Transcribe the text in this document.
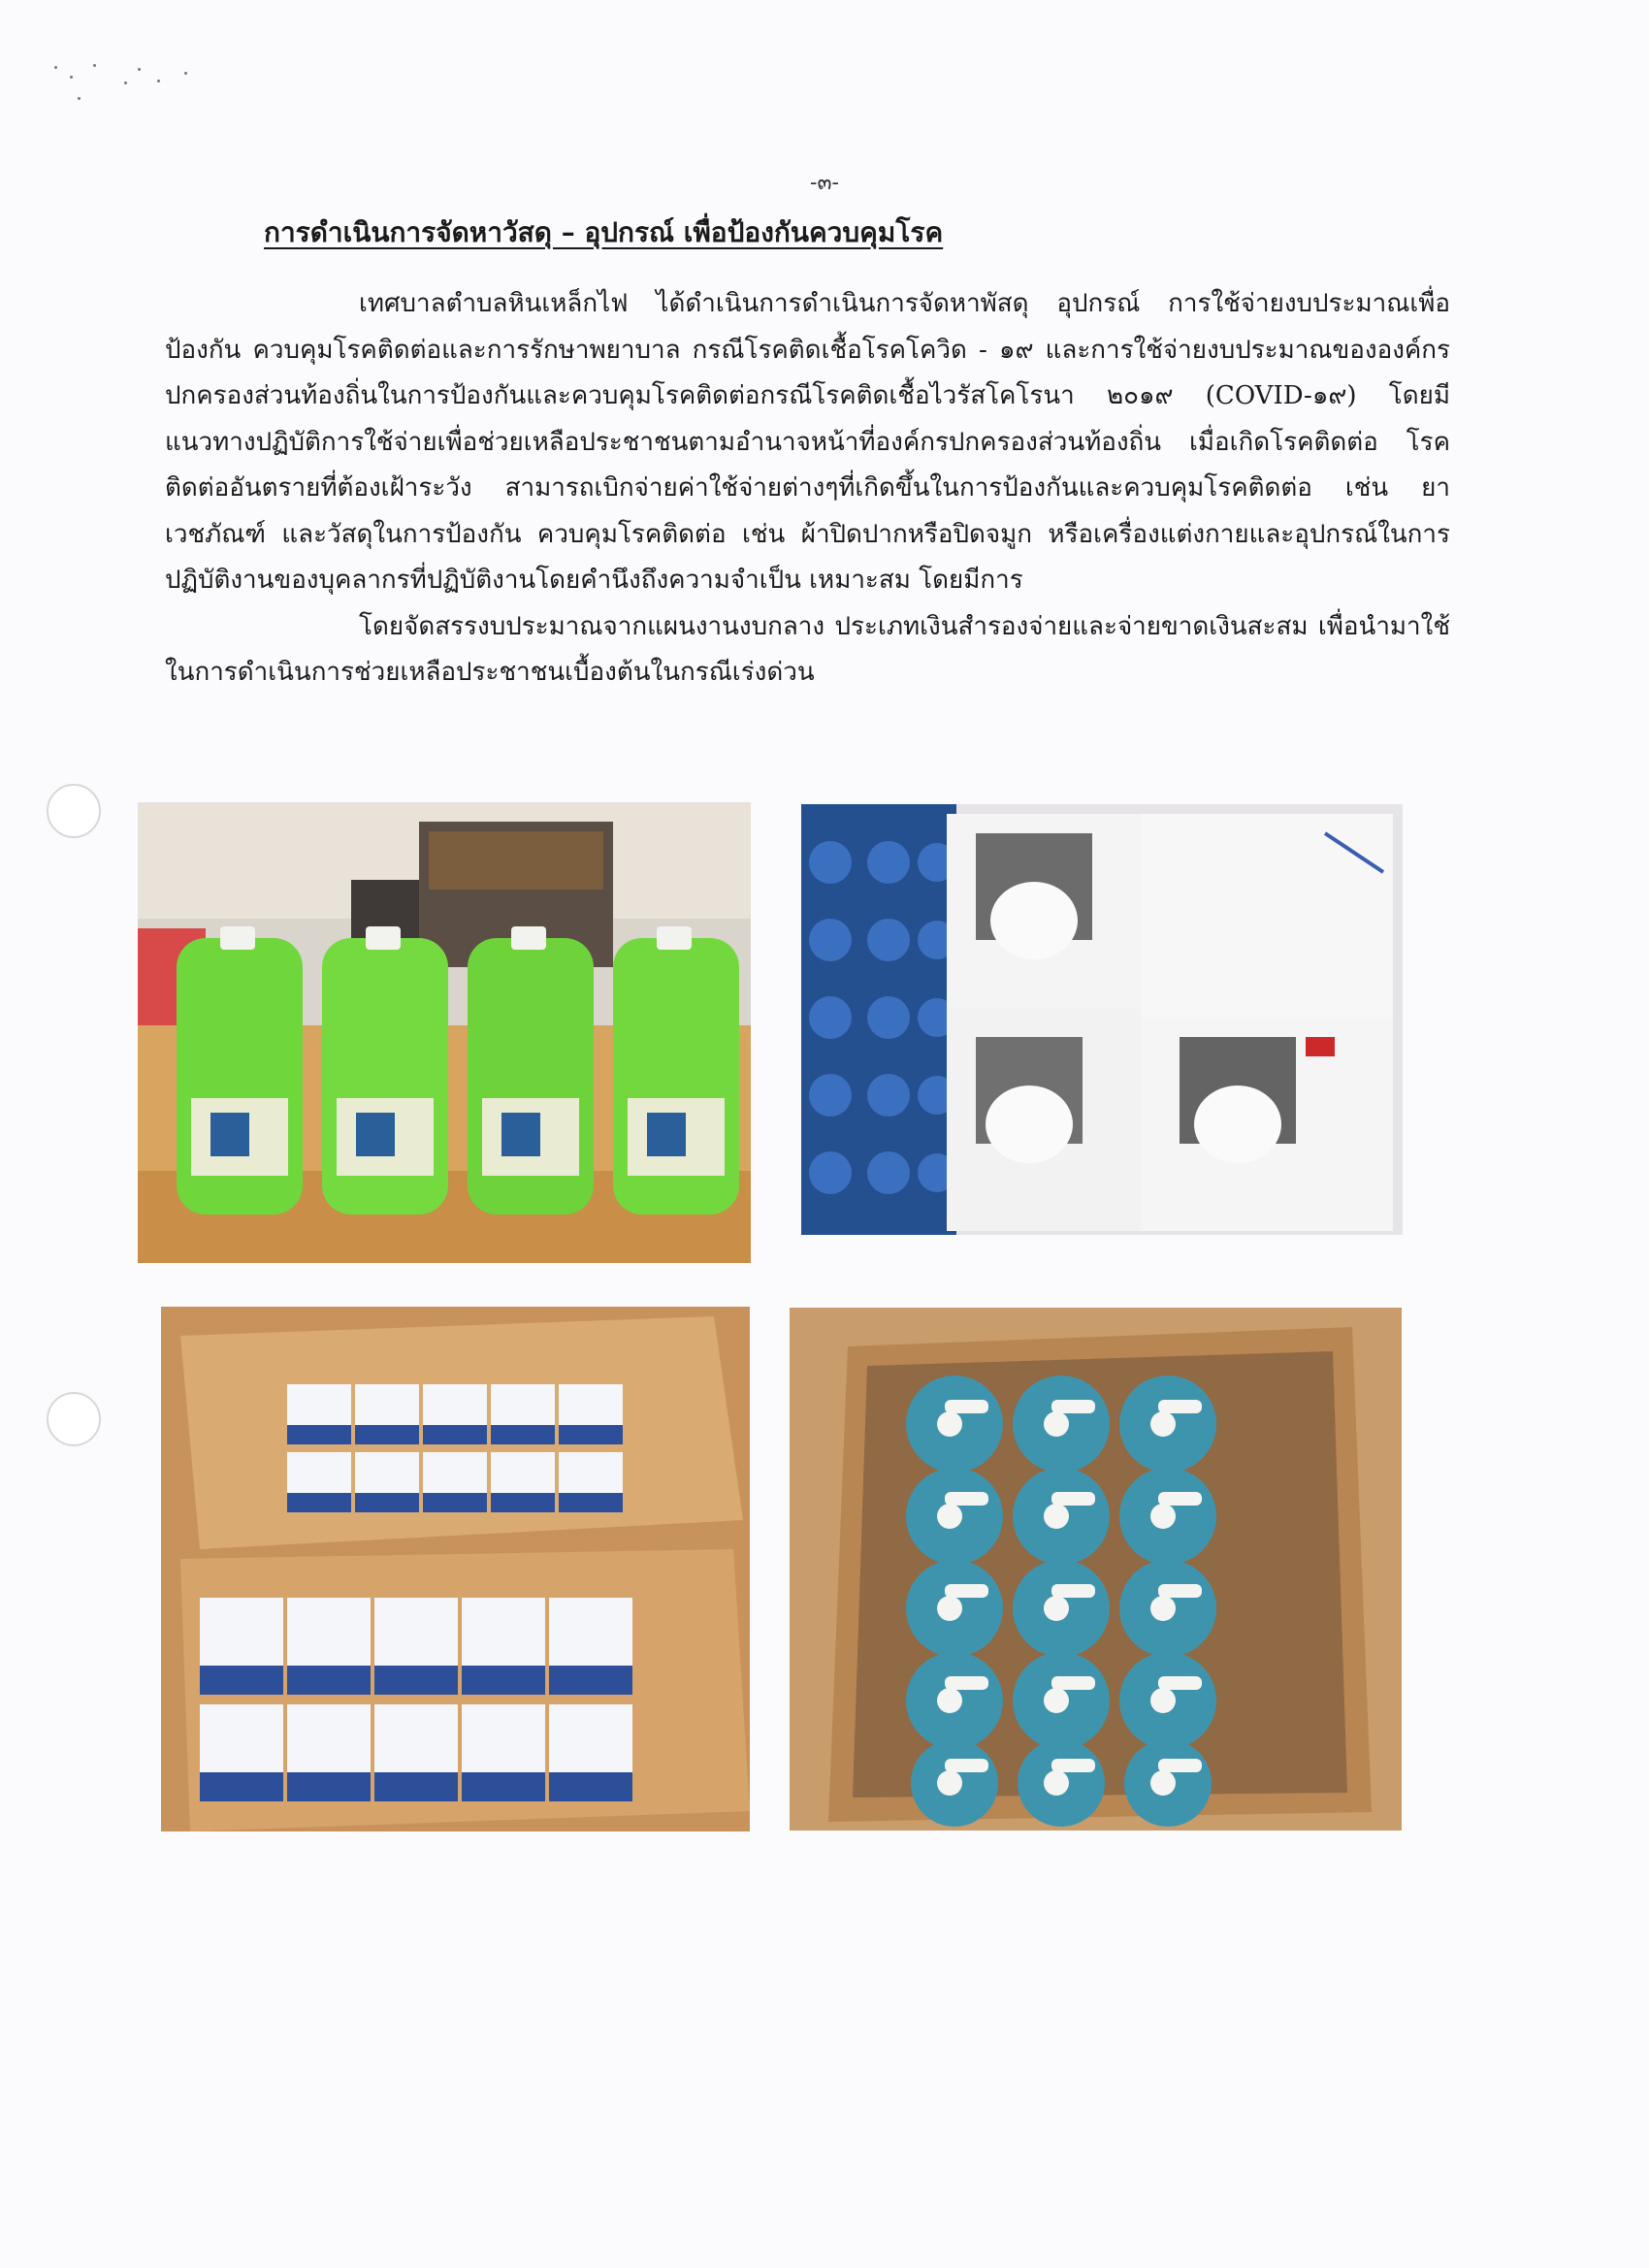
-๓-
การดำเนินการจัดหาวัสดุ – อุปกรณ์ เพื่อป้องกันควบคุมโรค

เทศบาลตำบลหินเหล็กไฟ ได้ดำเนินการดำเนินการจัดหาพัสดุ อุปกรณ์ การใช้จ่ายงบประมาณเพื่อป้องกัน ควบคุมโรคติดต่อและการรักษาพยาบาล กรณีโรคติดเชื้อโรคโควิด - ๑๙ และการใช้จ่ายงบประมาณขององค์กรปกครองส่วนท้องถิ่นในการป้องกันและควบคุมโรคติดต่อกรณีโรคติดเชื้อไวรัสโคโรนา ๒๐๑๙ (COVID-๑๙) โดยมีแนวทางปฏิบัติการใช้จ่ายเพื่อช่วยเหลือประชาชนตามอำนาจหน้าที่องค์กรปกครองส่วนท้องถิ่น เมื่อเกิดโรคติดต่อ โรคติดต่ออันตรายที่ต้องเฝ้าระวัง สามารถเบิกจ่ายค่าใช้จ่ายต่างๆที่เกิดขึ้นในการป้องกันและควบคุมโรคติดต่อ เช่น ยาเวชภัณฑ์ และวัสดุในการป้องกัน ควบคุมโรคติดต่อ เช่น ผ้าปิดปากหรือปิดจมูก หรือเครื่องแต่งกายและอุปกรณ์ในการปฏิบัติงานของบุคลากรที่ปฏิบัติงานโดยคำนึงถึงความจำเป็น เหมาะสม โดยมีการ

โดยจัดสรรงบประมาณจากแผนงานงบกลาง ประเภทเงินสำรองจ่ายและจ่ายขาดเงินสะสม เพื่อนำมาใช้ในการดำเนินการช่วยเหลือประชาชนเบื้องต้นในกรณีเร่งด่วน
